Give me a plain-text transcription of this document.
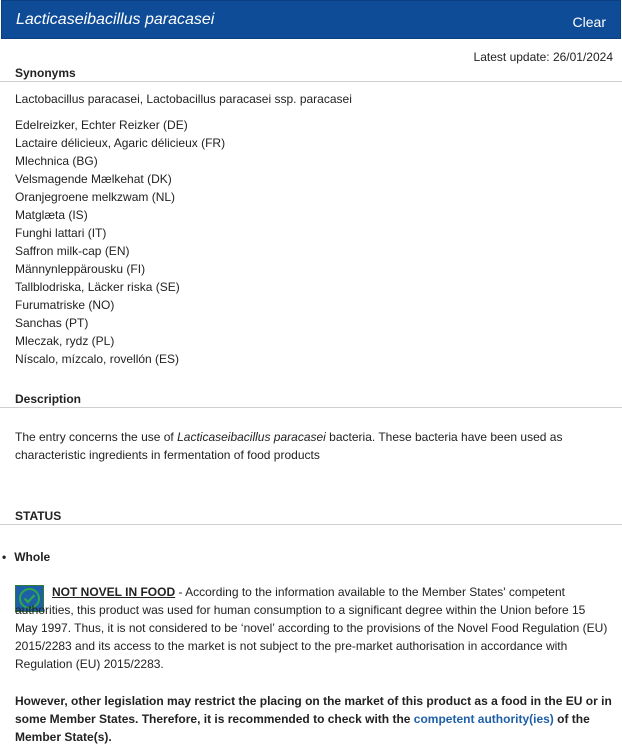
Lacticaseibacillus paracasei	Clear
Latest update: 26/01/2024
Synonyms
Lactobacillus paracasei, Lactobacillus paracasei ssp. paracasei
Edelreizker, Echter Reizker (DE)
Lactaire délicieux, Agaric délicieux (FR)
Mlechnica (BG)
Velsmagende Mælkehat (DK)
Oranjegroene melkzwam (NL)
Matglæta (IS)
Funghi lattari (IT)
Saffron milk-cap (EN)
Männynleppärousku (FI)
Tallblodriska, Läcker riska (SE)
Furumatriske (NO)
Sanchas (PT)
Mleczak, rydz (PL)
Níscalo, mízcalo, rovellón (ES)
Description
The entry concerns the use of Lacticaseibacillus paracasei bacteria. These bacteria have been used as characteristic ingredients in fermentation of food products
STATUS
• Whole
NOT NOVEL IN FOOD - According to the information available to the Member States' competent authorities, this product was used for human consumption to a significant degree within the Union before 15 May 1997. Thus, it is not considered to be ‘novel’ according to the provisions of the Novel Food Regulation (EU) 2015/2283 and its access to the market is not subject to the pre-market authorisation in accordance with Regulation (EU) 2015/2283.
However, other legislation may restrict the placing on the market of this product as a food in the EU or in some Member States. Therefore, it is recommended to check with the competent authority(ies) of the Member State(s).
